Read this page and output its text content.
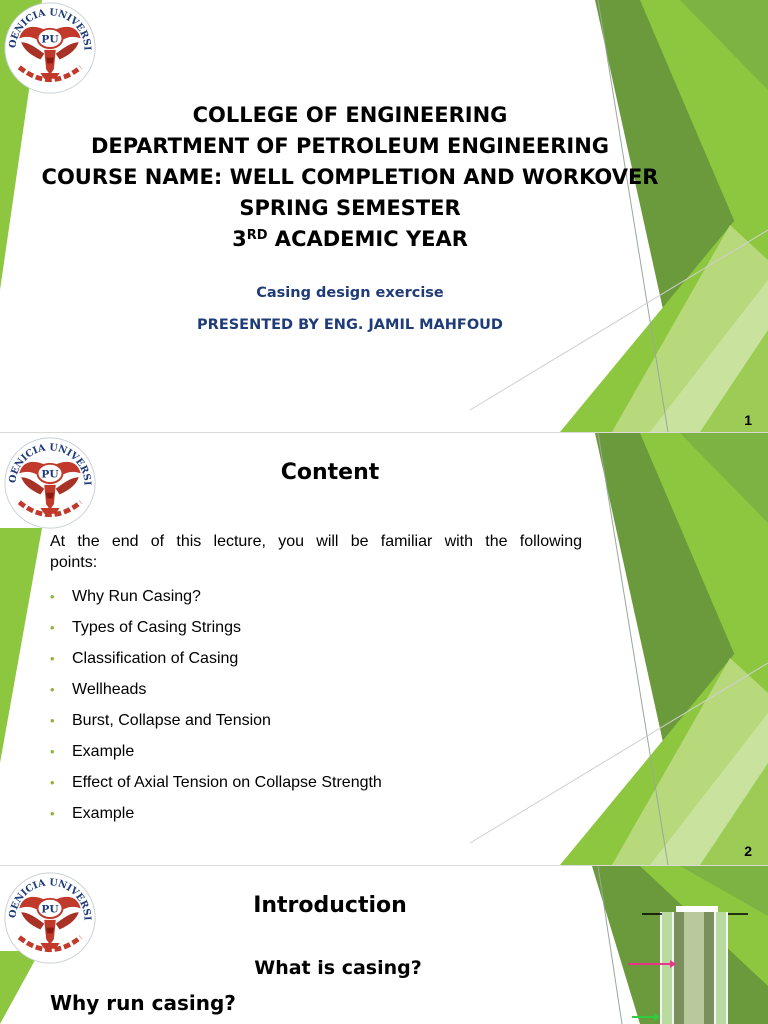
COLLEGE OF ENGINEERING
DEPARTMENT OF PETROLEUM ENGINEERING
COURSE NAME: WELL COMPLETION AND WORKOVER
SPRING SEMESTER
3RD ACADEMIC YEAR
Casing design exercise
PRESENTED BY ENG. JAMIL MAHFOUD
1
Content
At the end of this lecture, you will be familiar with the following
points:
• Why Run Casing?
• Types of Casing Strings
• Classification of Casing
• Wellheads
• Burst, Collapse and Tension
• Example
• Effect of Axial Tension on Collapse Strength
• Example
2
Introduction
What is casing?
Why run casing?
